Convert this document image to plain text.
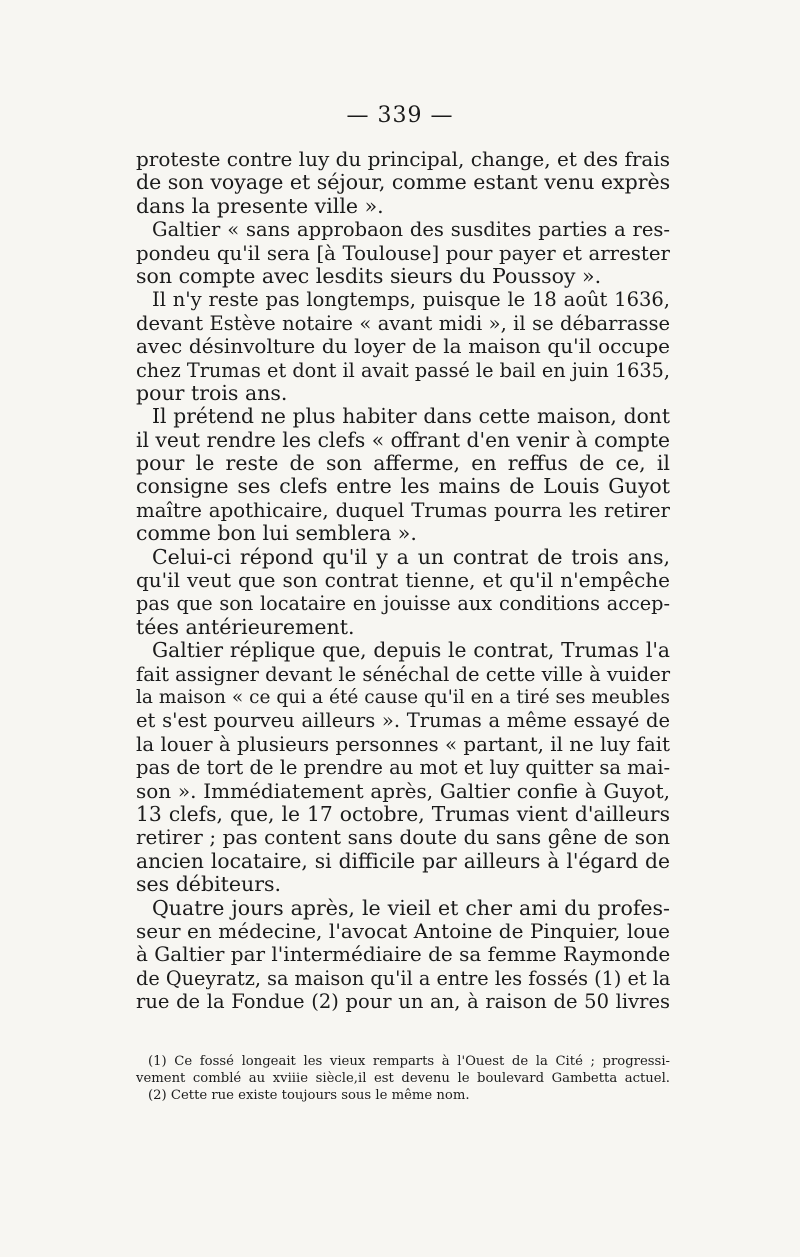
— 339 —
proteste contre luy du principal, change, et des frais
de son voyage et séjour, comme estant venu exprès
dans la presente ville ».
Galtier « sans approbaon des susdites parties a res-
pondeu qu'il sera [à Toulouse] pour payer et arrester
son compte avec lesdits sieurs du Poussoy ».
Il n'y reste pas longtemps, puisque le 18 août 1636,
devant Estève notaire « avant midi », il se débarrasse
avec désinvolture du loyer de la maison qu'il occupe
chez Trumas et dont il avait passé le bail en juin 1635,
pour trois ans.
Il prétend ne plus habiter dans cette maison, dont
il veut rendre les clefs « offrant d'en venir à compte
pour le reste de son afferme, en reffus de ce, il
consigne ses clefs entre les mains de Louis Guyot
maître apothicaire, duquel Trumas pourra les retirer
comme bon lui semblera ».
Celui-ci répond qu'il y a un contrat de trois ans,
qu'il veut que son contrat tienne, et qu'il n'empêche
pas que son locataire en jouisse aux conditions accep-
tées antérieurement.
Galtier réplique que, depuis le contrat, Trumas l'a
fait assigner devant le sénéchal de cette ville à vuider
la maison « ce qui a été cause qu'il en a tiré ses meubles
et s'est pourveu ailleurs ». Trumas a même essayé de
la louer à plusieurs personnes « partant, il ne luy fait
pas de tort de le prendre au mot et luy quitter sa mai-
son ». Immédiatement après, Galtier confie à Guyot,
13 clefs, que, le 17 octobre, Trumas vient d'ailleurs
retirer ; pas content sans doute du sans gêne de son
ancien locataire, si difficile par ailleurs à l'égard de
ses débiteurs.
Quatre jours après, le vieil et cher ami du profes-
seur en médecine, l'avocat Antoine de Pinquier, loue
à Galtier par l'intermédiaire de sa femme Raymonde
de Queyratz, sa maison qu'il a entre les fossés (1) et la
rue de la Fondue (2) pour un an, à raison de 50 livres
(1) Ce fossé longeait les vieux remparts à l'Ouest de la Cité ; progressi-
vement comblé au xviiie siècle,il est devenu le boulevard Gambetta actuel.
(2) Cette rue existe toujours sous le même nom.
